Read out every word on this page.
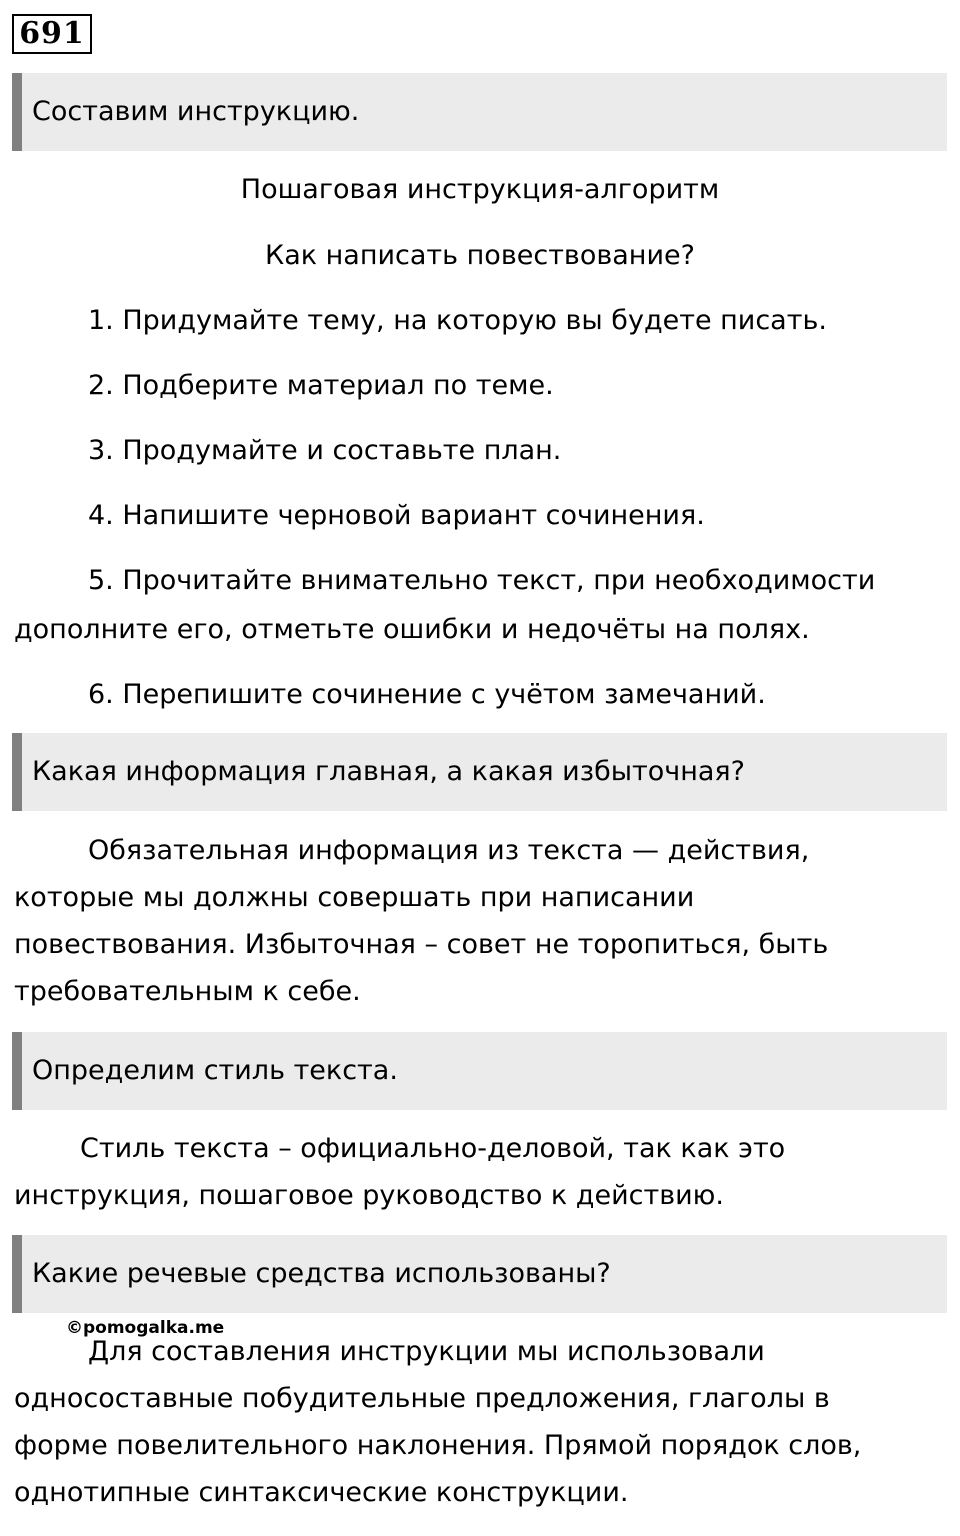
691
Составим инструкцию.
Пошаговая инструкция-алгоритм
Как написать повествование?
1. Придумайте тему, на которую вы будете писать.
2. Подберите материал по теме.
3. Продумайте и составьте план.
4. Напишите черновой вариант сочинения.
5. Прочитайте внимательно текст, при необходимости
дополните его, отметьте ошибки и недочёты на полях.
6. Перепишите сочинение с учётом замечаний.
Какая информация главная, а какая избыточная?
Обязательная информация из текста — действия,
которые мы должны совершать при написании
повествования. Избыточная – совет не торопиться, быть
требовательным к себе.
Определим стиль текста.
Стиль текста – официально-деловой, так как это
инструкция, пошаговое руководство к действию.
Какие речевые средства использованы?
©pomogalka.me
Для составления инструкции мы использовали
односоставные побудительные предложения, глаголы в
форме повелительного наклонения. Прямой порядок слов,
однотипные синтаксические конструкции.
